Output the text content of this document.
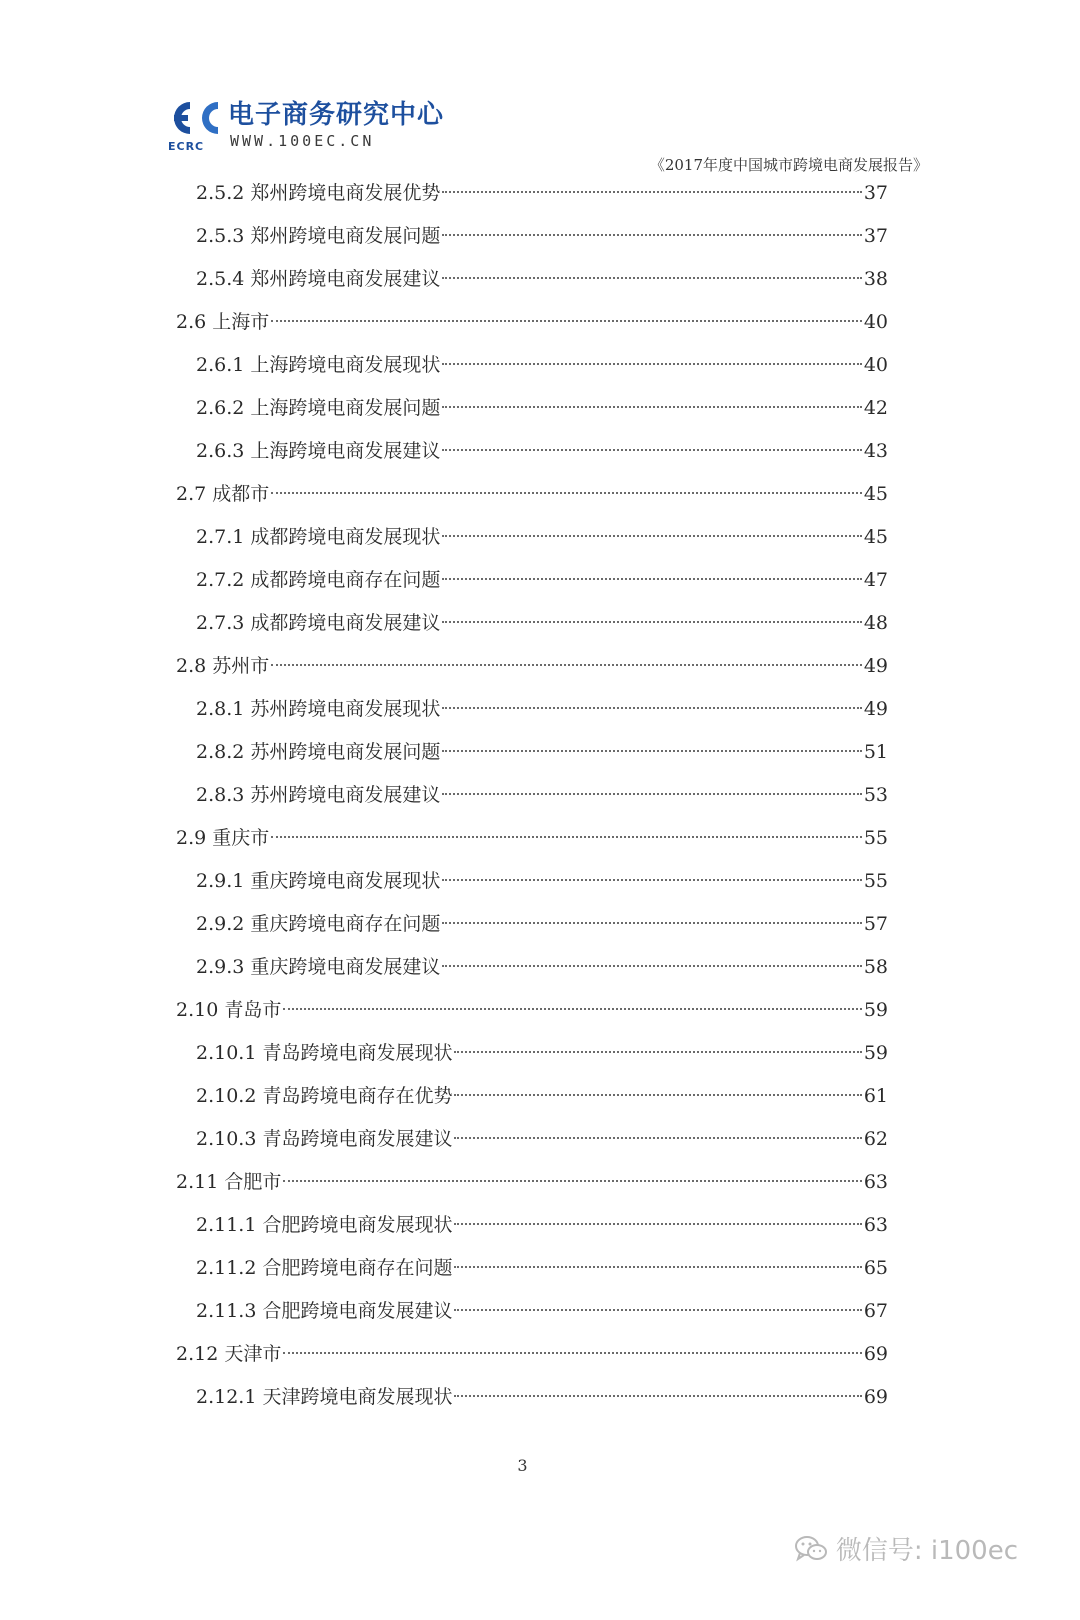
ECRC
电子商务研究中心
WWW.100EC.CN
《2017年度中国城市跨境电商发展报告》
2.5.2 郑州跨境电商发展优势	37
2.5.3 郑州跨境电商发展问题	37
2.5.4 郑州跨境电商发展建议	38
2.6 上海市	40
2.6.1 上海跨境电商发展现状	40
2.6.2 上海跨境电商发展问题	42
2.6.3 上海跨境电商发展建议	43
2.7 成都市	45
2.7.1 成都跨境电商发展现状	45
2.7.2 成都跨境电商存在问题	47
2.7.3 成都跨境电商发展建议	48
2.8 苏州市	49
2.8.1 苏州跨境电商发展现状	49
2.8.2 苏州跨境电商发展问题	51
2.8.3 苏州跨境电商发展建议	53
2.9 重庆市	55
2.9.1 重庆跨境电商发展现状	55
2.9.2 重庆跨境电商存在问题	57
2.9.3 重庆跨境电商发展建议	58
2.10 青岛市	59
2.10.1 青岛跨境电商发展现状	59
2.10.2 青岛跨境电商存在优势	61
2.10.3 青岛跨境电商发展建议	62
2.11 合肥市	63
2.11.1 合肥跨境电商发展现状	63
2.11.2 合肥跨境电商存在问题	65
2.11.3 合肥跨境电商发展建议	67
2.12 天津市	69
2.12.1 天津跨境电商发展现状	69
3
微信号: i100ec
